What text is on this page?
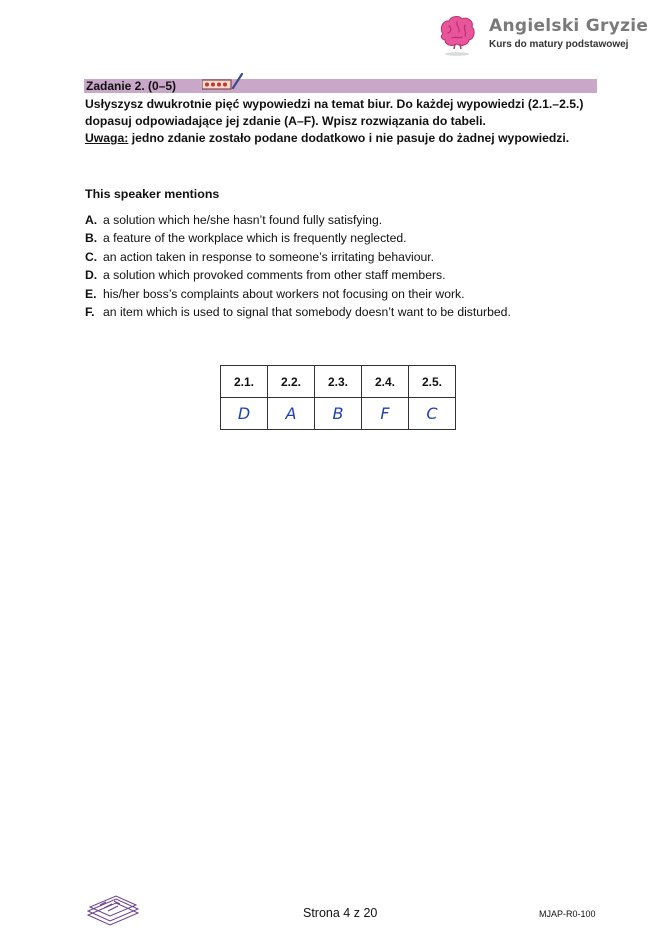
Angielski Gryzie
Kurs do matury podstawowej
Zadanie 2. (0–5)

Usłyszysz dwukrotnie pięć wypowiedzi na temat biur. Do każdej wypowiedzi (2.1.–2.5.)

dopasuj odpowiadające jej zdanie (A–F). Wpisz rozwiązania do tabeli.

Uwaga: jedno zdanie zostało podane dodatkowo i nie pasuje do żadnej wypowiedzi.

This speaker mentions
A. a solution which he/she hasn’t found fully satisfying.
B. a feature of the workplace which is frequently neglected.
C. an action taken in response to someone’s irritating behaviour.
D. a solution which provoked comments from other staff members.
E. his/her boss’s complaints about workers not focusing on their work.
F. an item which is used to signal that somebody doesn’t want to be disturbed.
2.1.	2.2.	2.3.	2.4.	2.5.
D	A	B	F	C
Strona 4 z 20	MJAP-R0-100
